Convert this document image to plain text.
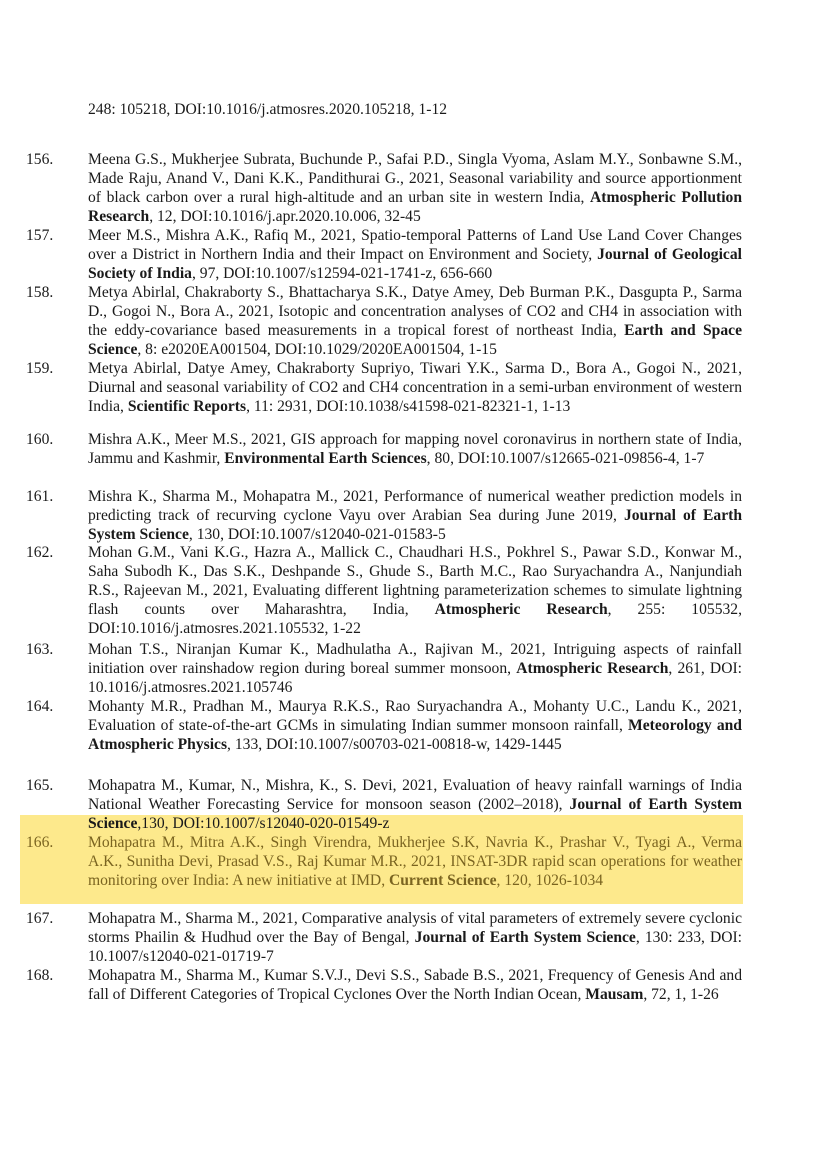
248: 105218, DOI:10.1016/j.atmosres.2020.105218, 1-12
156. Meena G.S., Mukherjee Subrata, Buchunde P., Safai P.D., Singla Vyoma, Aslam M.Y., Sonbawne S.M., Made Raju, Anand V., Dani K.K., Pandithurai G., 2021, Seasonal variability and source apportionment of black carbon over a rural high-altitude and an urban site in western India, Atmospheric Pollution Research, 12, DOI:10.1016/j.apr.2020.10.006, 32-45
157. Meer M.S., Mishra A.K., Rafiq M., 2021, Spatio-temporal Patterns of Land Use Land Cover Changes over a District in Northern India and their Impact on Environment and Society, Journal of Geological Society of India, 97, DOI:10.1007/s12594-021-1741-z, 656-660
158. Metya Abirlal, Chakraborty S., Bhattacharya S.K., Datye Amey, Deb Burman P.K., Dasgupta P., Sarma D., Gogoi N., Bora A., 2021, Isotopic and concentration analyses of CO2 and CH4 in association with the eddy-covariance based measurements in a tropical forest of northeast India, Earth and Space Science, 8: e2020EA001504, DOI:10.1029/2020EA001504, 1-15
159. Metya Abirlal, Datye Amey, Chakraborty Supriyo, Tiwari Y.K., Sarma D., Bora A., Gogoi N., 2021, Diurnal and seasonal variability of CO2 and CH4 concentration in a semi-urban environment of western India, Scientific Reports, 11: 2931, DOI:10.1038/s41598-021-82321-1, 1-13
160. Mishra A.K., Meer M.S., 2021, GIS approach for mapping novel coronavirus in northern state of India, Jammu and Kashmir, Environmental Earth Sciences, 80, DOI:10.1007/s12665-021-09856-4, 1-7
161. Mishra K., Sharma M., Mohapatra M., 2021, Performance of numerical weather prediction models in predicting track of recurving cyclone Vayu over Arabian Sea during June 2019, Journal of Earth System Science, 130, DOI:10.1007/s12040-021-01583-5
162. Mohan G.M., Vani K.G., Hazra A., Mallick C., Chaudhari H.S., Pokhrel S., Pawar S.D., Konwar M., Saha Subodh K., Das S.K., Deshpande S., Ghude S., Barth M.C., Rao Suryachandra A., Nanjundiah R.S., Rajeevan M., 2021, Evaluating different lightning parameterization schemes to simulate lightning flash counts over Maharashtra, India, Atmospheric Research, 255: 105532, DOI:10.1016/j.atmosres.2021.105532, 1-22
163. Mohan T.S., Niranjan Kumar K., Madhulatha A., Rajivan M., 2021, Intriguing aspects of rainfall initiation over rainshadow region during boreal summer monsoon, Atmospheric Research, 261, DOI: 10.1016/j.atmosres.2021.105746
164. Mohanty M.R., Pradhan M., Maurya R.K.S., Rao Suryachandra A., Mohanty U.C., Landu K., 2021, Evaluation of state-of-the-art GCMs in simulating Indian summer monsoon rainfall, Meteorology and Atmospheric Physics, 133, DOI:10.1007/s00703-021-00818-w, 1429-1445
165. Mohapatra M., Kumar, N., Mishra, K., S. Devi, 2021, Evaluation of heavy rainfall warnings of India National Weather Forecasting Service for monsoon season (2002–2018), Journal of Earth System Science,130, DOI:10.1007/s12040-020-01549-z
166. Mohapatra M., Mitra A.K., Singh Virendra, Mukherjee S.K, Navria K., Prashar V., Tyagi A., Verma A.K., Sunitha Devi, Prasad V.S., Raj Kumar M.R., 2021, INSAT-3DR rapid scan operations for weather monitoring over India: A new initiative at IMD, Current Science, 120, 1026-1034
167. Mohapatra M., Sharma M., 2021, Comparative analysis of vital parameters of extremely severe cyclonic storms Phailin & Hudhud over the Bay of Bengal, Journal of Earth System Science, 130: 233, DOI: 10.1007/s12040-021-01719-7
168. Mohapatra M., Sharma M., Kumar S.V.J., Devi S.S., Sabade B.S., 2021, Frequency of Genesis And and fall of Different Categories of Tropical Cyclones Over the North Indian Ocean, Mausam, 72, 1, 1-26
